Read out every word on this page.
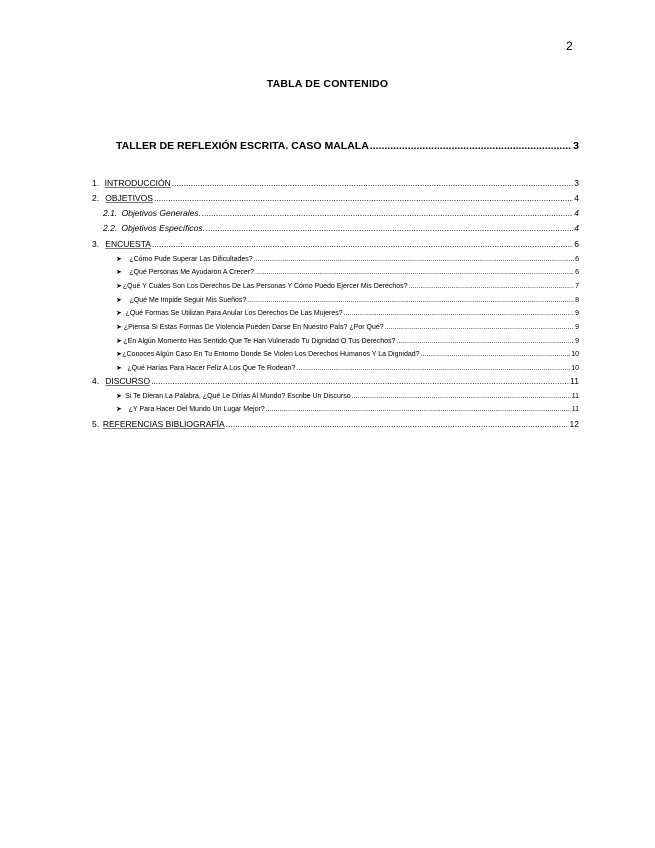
2
TABLA DE CONTENIDO
TALLER DE REFLEXIÓN ESCRITA. CASO MALALA .....	3
1. INTRODUCCIÓN .....	3
2. OBJETIVOS .....	4
2.1. Objetivos Generales. .....	4
2.2. Objetivos Específicos. .....	4
3. ENCUESTA .....	6
➤	¿Cómo Pude Superar Las Dificultades? .....	6
➤	¿Qué Personas Me Ayudaron A Crecer? .....	6
➤ ¿Qué Y Cuáles Son Los Derechos De Las Personas Y Cómo Puedo Ejercer Mis Derechos? .....	7
➤	¿Qué Me Impide Seguir Mis Sueños? .....	8
➤ ¿Qué Formas Se Utilizan Para Anular Los Derechos De Las Mujeres? .....	9
➤ ¿Piensa Si Estas Formas De Violencia Pueden Darse En Nuestro País? ¿Por Qué? .....	9
➤ ¿En Algún Momento Has Sentido Que Te Han Vulnerado Tu Dignidad O Tus Derechos? .....	9
➤ ¿Conoces Algún Caso En Tu Entorno Donde Se Violen Los Derechos Humanos Y La Dignidad? .....	10
➤ ¿Qué Harías Para Hacer Feliz A Los Que Te Rodean? .....	10
4. DISCURSO .....	11
➤ Si Te Dieran La Palabra, ¿Qué Le Dirías Al Mundo? Escribe Un Discurso .....	11
➤ ¿Y Para Hacer Del Mundo Un Lugar Mejor? .....	11
5. REFERENCIAS BIBLIOGRAFÍA .....	12
